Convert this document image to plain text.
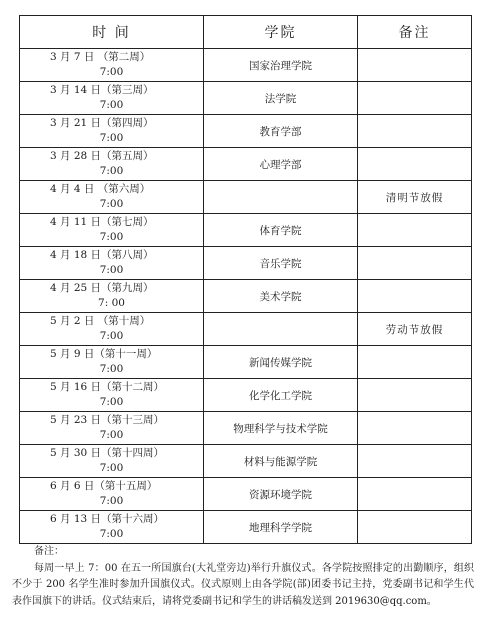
时 间	学院	备注

3 月 7 日 （第二周）
7:00	国家治理学院	

3 月 14 日（第三周）
7:00	法学院	

3 月 21 日（第四周）
7:00	教育学部	

3 月 28 日（第五周）
7:00	心理学部	

4 月 4 日 （第六周）
7:00		清明节放假

4 月 11 日（第七周）
7:00	体育学院	

4 月 18 日（第八周）
7:00	音乐学院	

4 月 25 日（第九周）
7: 00	美术学院	

5 月 2 日 （第十周）
7:00		劳动节放假

5 月 9 日（第十一周）
7:00	新闻传媒学院	

5 月 16 日（第十二周）
7:00	化学化工学院	

5 月 23 日（第十三周）
7:00	物理科学与技术学院	

5 月 30 日（第十四周）
7:00	材料与能源学院	

6 月 6 日（第十五周）
7:00	资源环境学院	

6 月 13 日（第十六周）
7:00	地理科学学院	
备注：
每周一早上 7：00 在五一所国旗台(大礼堂旁边)举行升旗仪式。各学院按照排定的出勤顺序，组织不少于 200 名学生准时参加升国旗仪式。仪式原则上由各学院(部)团委书记主持，党委副书记和学生代表作国旗下的讲话。仪式结束后，请将党委副书记和学生的讲话稿发送到 2019630@qq.com。
